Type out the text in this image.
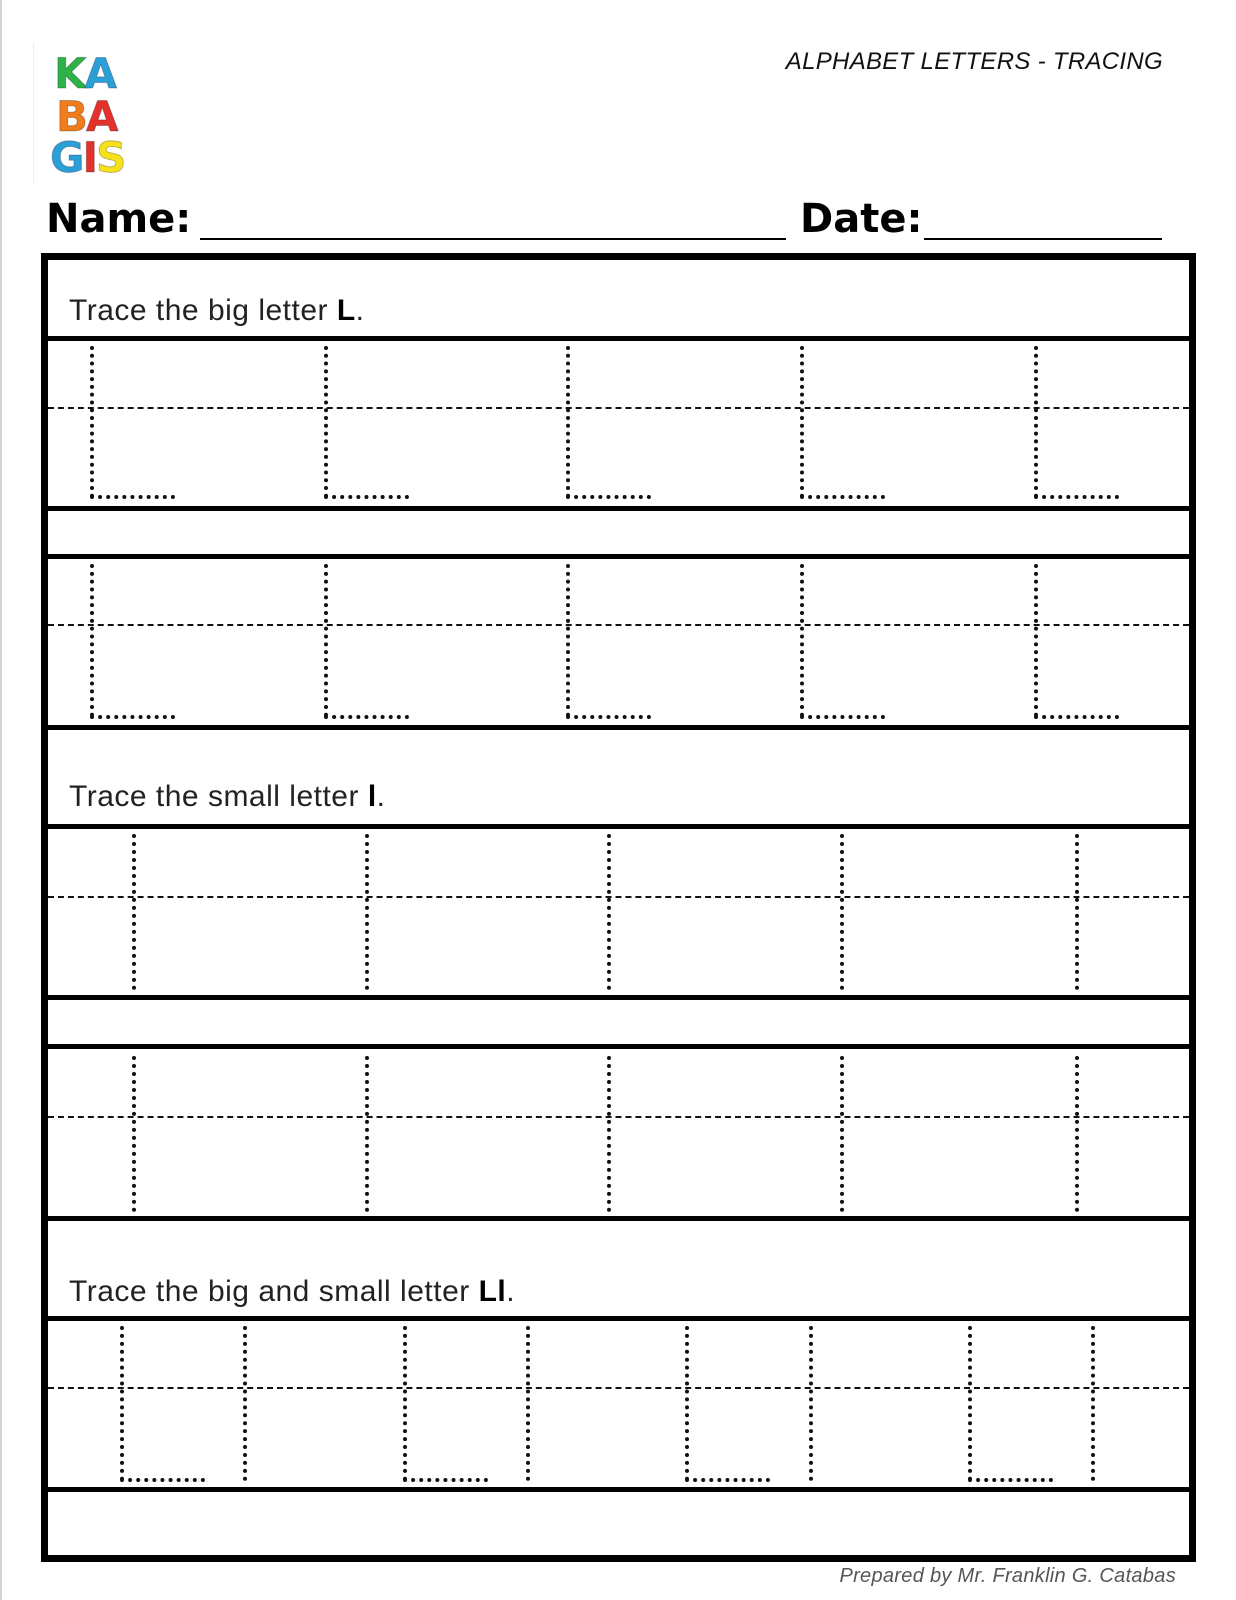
KA
BA
GIS
ALPHABET LETTERS - TRACING
Name:	Date:
Trace the big letter L.
Trace the small letter l.
Trace the big and small letter Ll.
Prepared by Mr. Franklin G. Catabas
